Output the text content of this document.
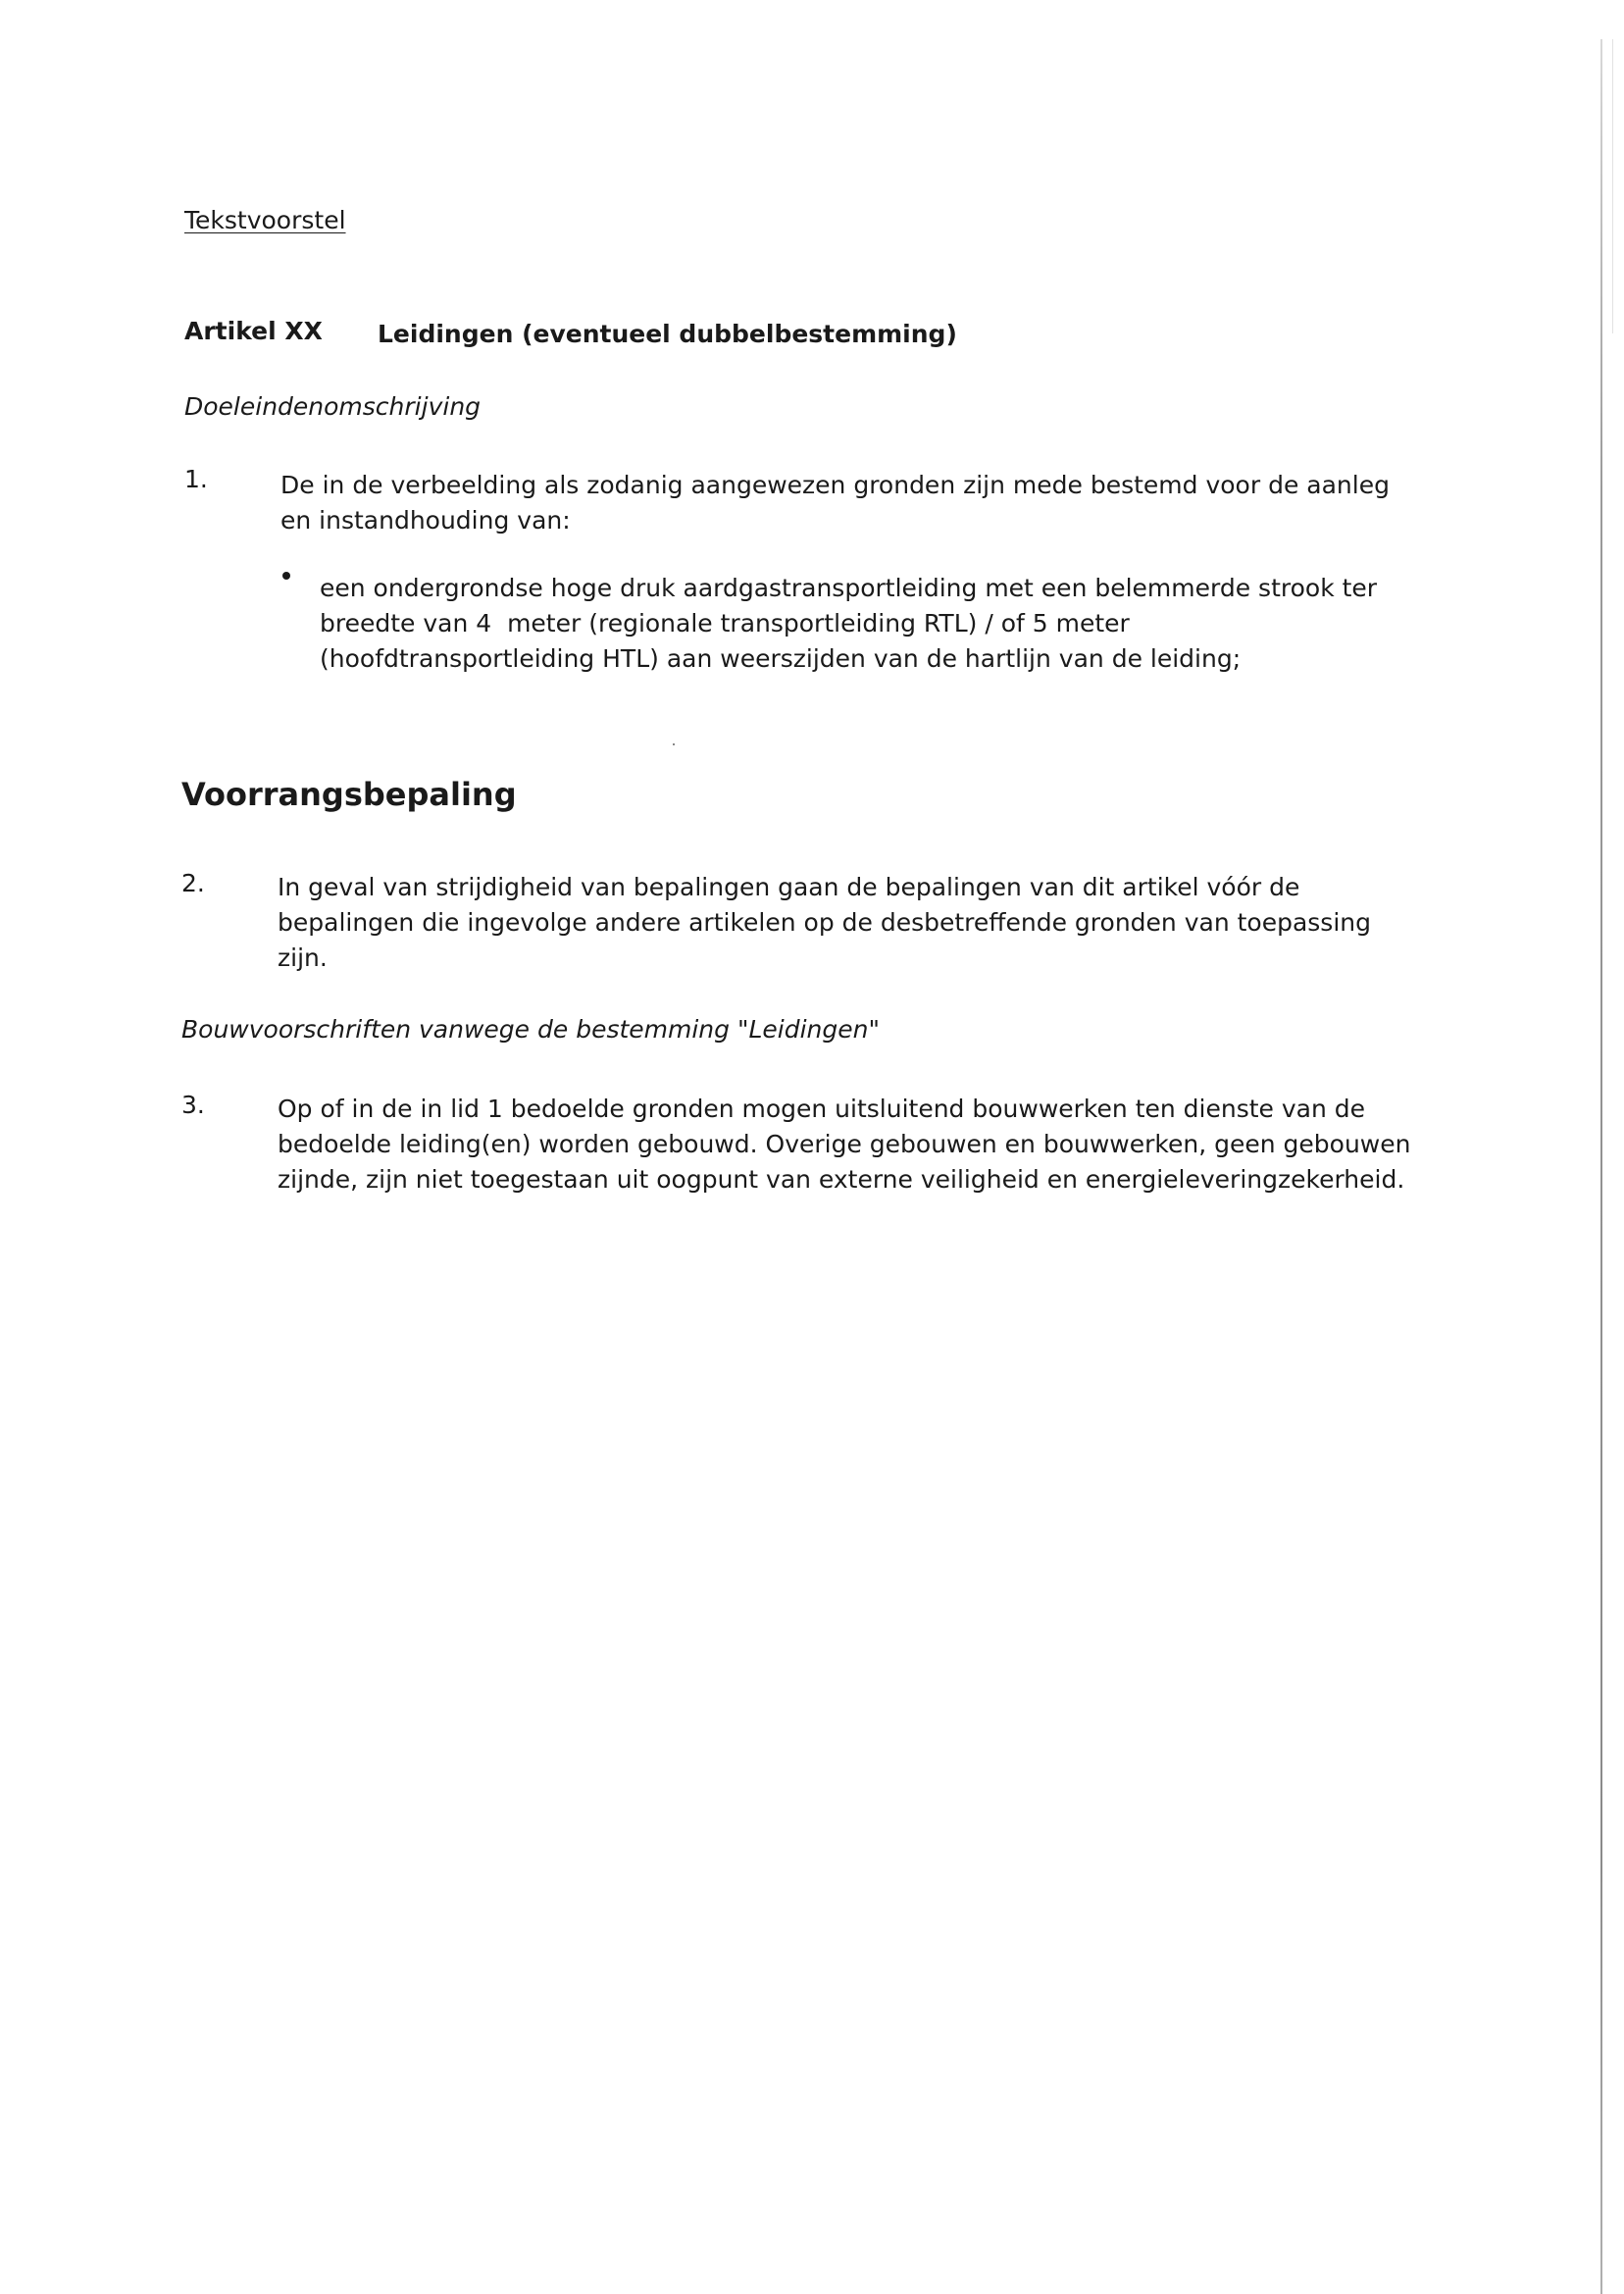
Tekstvoorstel
Artikel XX Leidingen (eventueel dubbelbestemming)
Doeleindenomschrijving
1.	De in de verbeelding als zodanig aangewezen gronden zijn mede bestemd voor de aanleg
en instandhouding van:
een ondergrondse hoge druk aardgastransportleiding met een belemmerde strook ter
breedte van 4  meter (regionale transportleiding RTL) / of 5 meter
(hoofdtransportleiding HTL) aan weerszijden van de hartlijn van de leiding;
Voorrangsbepaling
2.	In geval van strijdigheid van bepalingen gaan de bepalingen van dit artikel vóór de
bepalingen die ingevolge andere artikelen op de desbetreffende gronden van toepassing
zijn.
Bouwvoorschriften vanwege de bestemming "Leidingen"
3.	Op of in de in lid 1 bedoelde gronden mogen uitsluitend bouwwerken ten dienste van de
bedoelde leiding(en) worden gebouwd. Overige gebouwen en bouwwerken, geen gebouwen
zijnde, zijn niet toegestaan uit oogpunt van externe veiligheid en energieleveringzekerheid.
